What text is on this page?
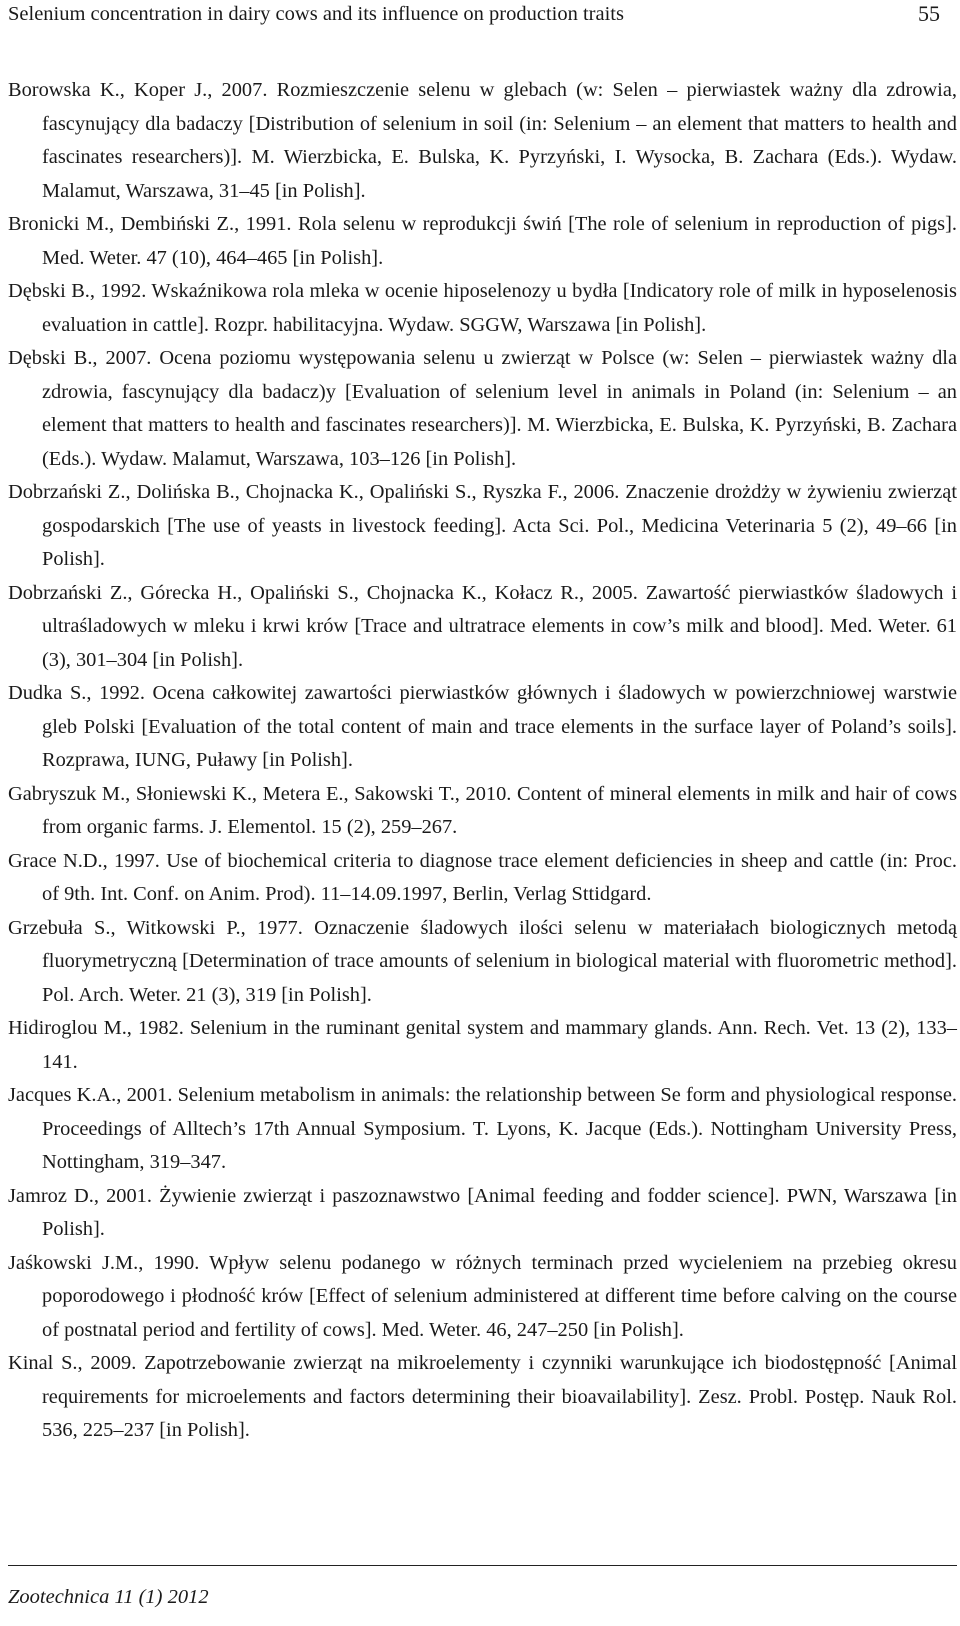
Selenium concentration in dairy cows and its influence on production traits	55

Borowska K., Koper J., 2007. Rozmieszczenie selenu w glebach (w: Selen – pierwiastek ważny dla zdrowia, fascynujący dla badaczy [Distribution of selenium in soil (in: Selenium – an element that matters to health and fascinates researchers)]. M. Wierzbicka, E. Bulska, K. Pyrzyński, I. Wysocka, B. Zachara (Eds.). Wydaw. Malamut, Warszawa, 31–45 [in Polish].

Bronicki M., Dembiński Z., 1991. Rola selenu w reprodukcji świń [The role of selenium in reproduction of pigs]. Med. Weter. 47 (10), 464–465 [in Polish].

Dębski B., 1992. Wskaźnikowa rola mleka w ocenie hiposelenozy u bydła [Indicatory role of milk in hyposelenosis evaluation in cattle]. Rozpr. habilitacyjna. Wydaw. SGGW, Warszawa [in Polish].

Dębski B., 2007. Ocena poziomu występowania selenu u zwierząt w Polsce (w: Selen – pierwiastek ważny dla zdrowia, fascynujący dla badacz)y [Evaluation of selenium level in animals in Poland (in: Selenium – an element that matters to health and fascinates researchers)]. M. Wierzbicka, E. Bulska, K. Pyrzyński, B. Zachara (Eds.). Wydaw. Malamut, Warszawa, 103–126 [in Polish].

Dobrzański Z., Dolińska B., Chojnacka K., Opaliński S., Ryszka F., 2006. Znaczenie drożdży w żywieniu zwierząt gospodarskich [The use of yeasts in livestock feeding]. Acta Sci. Pol., Medicina Veterinaria 5 (2), 49–66 [in Polish].

Dobrzański Z., Górecka H., Opaliński S., Chojnacka K., Kołacz R., 2005. Zawartość pierwiastków śladowych i ultraśladowych w mleku i krwi krów [Trace and ultratrace elements in cow’s milk and blood]. Med. Weter. 61 (3), 301–304 [in Polish].

Dudka S., 1992. Ocena całkowitej zawartości pierwiastków głównych i śladowych w powierzchniowej warstwie gleb Polski [Evaluation of the total content of main and trace elements in the surface layer of Poland’s soils]. Rozprawa, IUNG, Puławy [in Polish].

Gabryszuk M., Słoniewski K., Metera E., Sakowski T., 2010. Content of mineral elements in milk and hair of cows from organic farms. J. Elementol. 15 (2), 259–267.

Grace N.D., 1997. Use of biochemical criteria to diagnose trace element deficiencies in sheep and cattle (in: Proc. of 9th. Int. Conf. on Anim. Prod). 11–14.09.1997, Berlin, Verlag Sttidgard.

Grzebuła S., Witkowski P., 1977. Oznaczenie śladowych ilości selenu w materiałach biologicznych metodą fluorymetryczną [Determination of trace amounts of selenium in biological material with fluorometric method]. Pol. Arch. Weter. 21 (3), 319 [in Polish].

Hidiroglou M., 1982. Selenium in the ruminant genital system and mammary glands. Ann. Rech. Vet. 13 (2), 133–141.

Jacques K.A., 2001. Selenium metabolism in animals: the relationship between Se form and physiological response. Proceedings of Alltech’s 17th Annual Symposium. T. Lyons, K. Jacque (Eds.). Nottingham University Press, Nottingham, 319–347.

Jamroz D., 2001. Żywienie zwierząt i paszoznawstwo [Animal feeding and fodder science]. PWN, Warszawa [in Polish].

Jaśkowski J.M., 1990. Wpływ selenu podanego w różnych terminach przed wycieleniem na przebieg okresu poporodowego i płodność krów [Effect of selenium administered at different time before calving on the course of postnatal period and fertility of cows]. Med. Weter. 46, 247–250 [in Polish].

Kinal S., 2009. Zapotrzebowanie zwierząt na mikroelementy i czynniki warunkujące ich biodostępność [Animal requirements for microelements and factors determining their bioavailability]. Zesz. Probl. Postęp. Nauk Rol. 536, 225–237 [in Polish].

Zootechnica 11 (1) 2012
